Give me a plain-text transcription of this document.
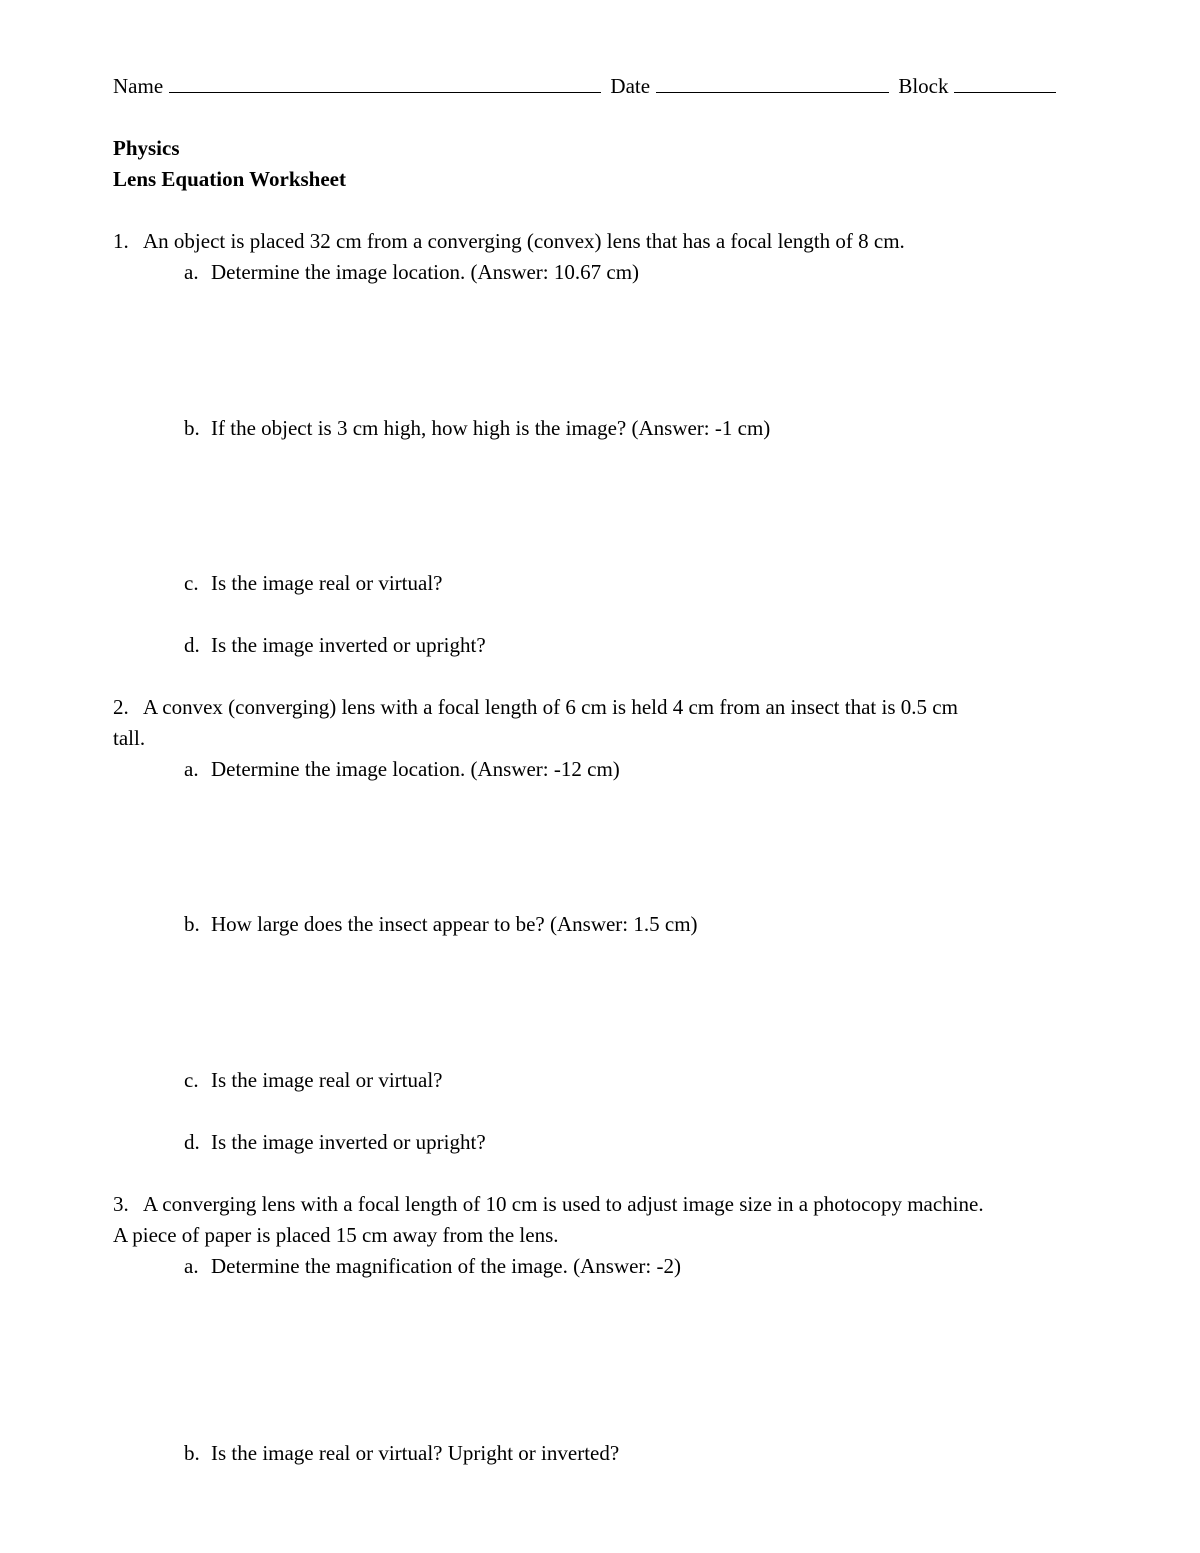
Name	Date	Block
Physics
Lens Equation Worksheet
1. An object is placed 32 cm from a converging (convex) lens that has a focal length of 8 cm.
a. Determine the image location. (Answer: 10.67 cm)
b. If the object is 3 cm high, how high is the image? (Answer: -1 cm)
c. Is the image real or virtual?
d. Is the image inverted or upright?
2. A convex (converging) lens with a focal length of 6 cm is held 4 cm from an insect that is 0.5 cm
tall.
a. Determine the image location. (Answer: -12 cm)
b. How large does the insect appear to be? (Answer: 1.5 cm)
c. Is the image real or virtual?
d. Is the image inverted or upright?
3. A converging lens with a focal length of 10 cm is used to adjust image size in a photocopy machine.
A piece of paper is placed 15 cm away from the lens.
a. Determine the magnification of the image. (Answer: -2)
b. Is the image real or virtual? Upright or inverted?
